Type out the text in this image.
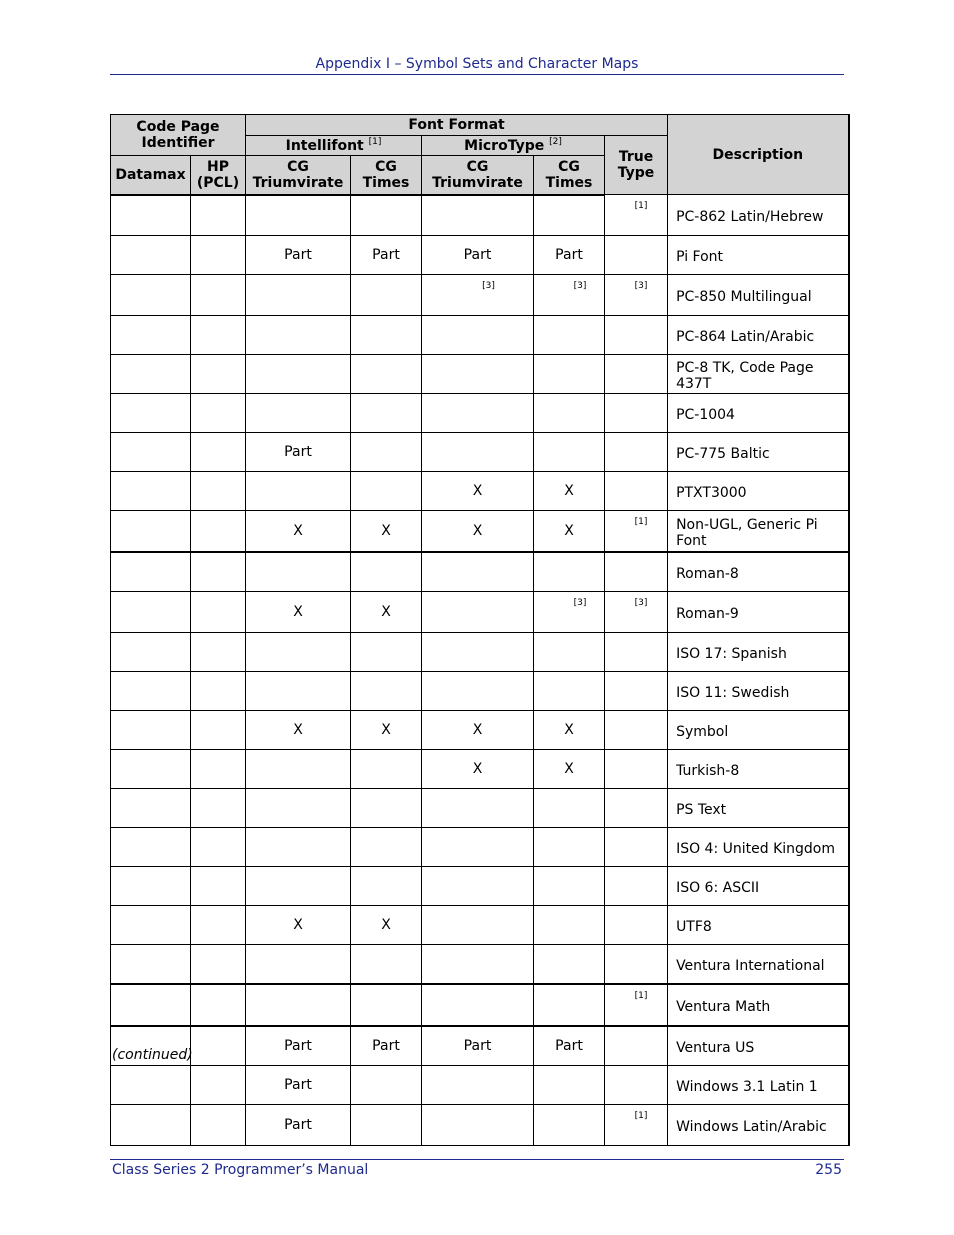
Appendix I – Symbol Sets and Character Maps
Code Page Identifier		Font Format					Description
		Intellifont [1]		MicroType [2]		True Type	
Datamax	HP (PCL)	CG Triumvirate	CG Times	CG Triumvirate	CG Times		
						[1]	PC-862 Latin/Hebrew
		Part	Part	Part	Part		Pi Font
				[3]	[3]	[3]	PC-850 Multilingual
							PC-864 Latin/Arabic
							PC-8 TK, Code Page 437T
							PC-1004
		Part					PC-775 Baltic
				X	X		PTXT3000
		X	X	X	X	[1]	Non-UGL, Generic Pi Font
							Roman-8
		X	X		[3]	[3]	Roman-9
							ISO 17: Spanish
							ISO 11: Swedish
		X	X	X	X		Symbol
				X	X		Turkish-8
							PS Text
							ISO 4: United Kingdom
							ISO 6: ASCII
		X	X				UTF8
							Ventura International
						[1]	Ventura Math
		Part	Part	Part	Part		Ventura US
		Part					Windows 3.1 Latin 1
		Part				[1]	Windows Latin/Arabic
(continued)
Class Series 2 Programmer’s Manual	255
